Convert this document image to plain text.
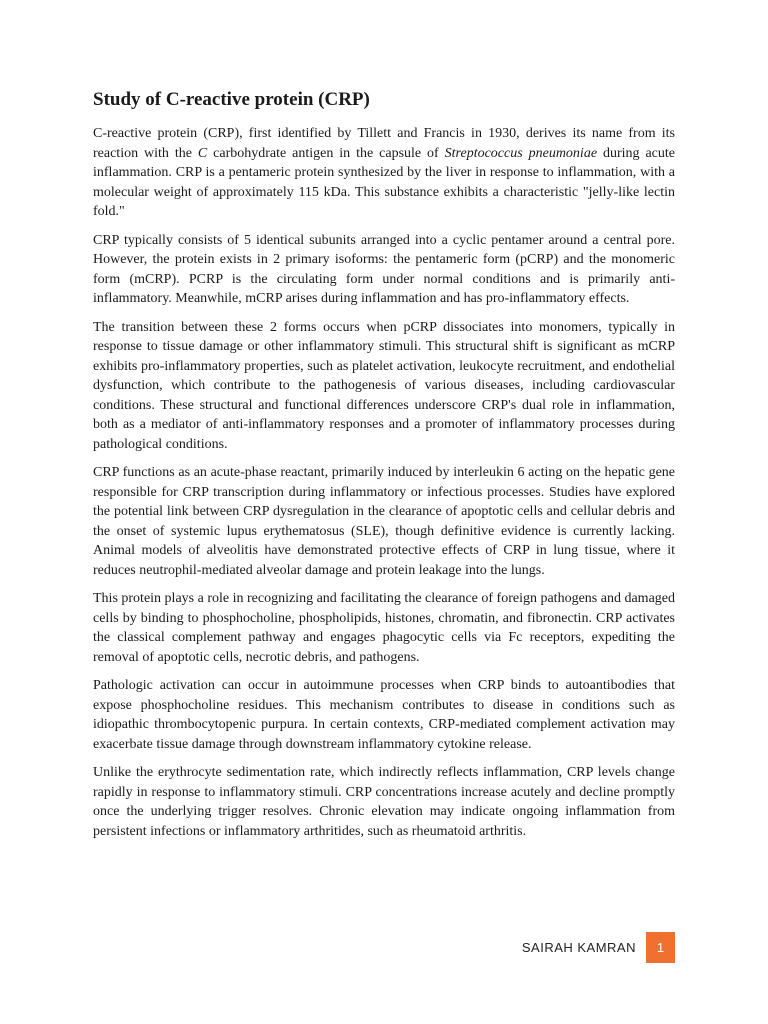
Study of C-reactive protein (CRP)

C-reactive protein (CRP), first identified by Tillett and Francis in 1930, derives its name from its reaction with the C carbohydrate antigen in the capsule of Streptococcus pneumoniae during acute inflammation. CRP is a pentameric protein synthesized by the liver in response to inflammation, with a molecular weight of approximately 115 kDa. This substance exhibits a characteristic "jelly-like lectin fold."

CRP typically consists of 5 identical subunits arranged into a cyclic pentamer around a central pore. However, the protein exists in 2 primary isoforms: the pentameric form (pCRP) and the monomeric form (mCRP). PCRP is the circulating form under normal conditions and is primarily anti-inflammatory. Meanwhile, mCRP arises during inflammation and has pro-inflammatory effects.

The transition between these 2 forms occurs when pCRP dissociates into monomers, typically in response to tissue damage or other inflammatory stimuli. This structural shift is significant as mCRP exhibits pro-inflammatory properties, such as platelet activation, leukocyte recruitment, and endothelial dysfunction, which contribute to the pathogenesis of various diseases, including cardiovascular conditions. These structural and functional differences underscore CRP's dual role in inflammation, both as a mediator of anti-inflammatory responses and a promoter of inflammatory processes during pathological conditions.

CRP functions as an acute-phase reactant, primarily induced by interleukin 6 acting on the hepatic gene responsible for CRP transcription during inflammatory or infectious processes. Studies have explored the potential link between CRP dysregulation in the clearance of apoptotic cells and cellular debris and the onset of systemic lupus erythematosus (SLE), though definitive evidence is currently lacking. Animal models of alveolitis have demonstrated protective effects of CRP in lung tissue, where it reduces neutrophil-mediated alveolar damage and protein leakage into the lungs.

This protein plays a role in recognizing and facilitating the clearance of foreign pathogens and damaged cells by binding to phosphocholine, phospholipids, histones, chromatin, and fibronectin. CRP activates the classical complement pathway and engages phagocytic cells via Fc receptors, expediting the removal of apoptotic cells, necrotic debris, and pathogens.

Pathologic activation can occur in autoimmune processes when CRP binds to autoantibodies that expose phosphocholine residues. This mechanism contributes to disease in conditions such as idiopathic thrombocytopenic purpura. In certain contexts, CRP-mediated complement activation may exacerbate tissue damage through downstream inflammatory cytokine release.

Unlike the erythrocyte sedimentation rate, which indirectly reflects inflammation, CRP levels change rapidly in response to inflammatory stimuli. CRP concentrations increase acutely and decline promptly once the underlying trigger resolves. Chronic elevation may indicate ongoing inflammation from persistent infections or inflammatory arthritides, such as rheumatoid arthritis.

SAIRAH KAMRAN	1
